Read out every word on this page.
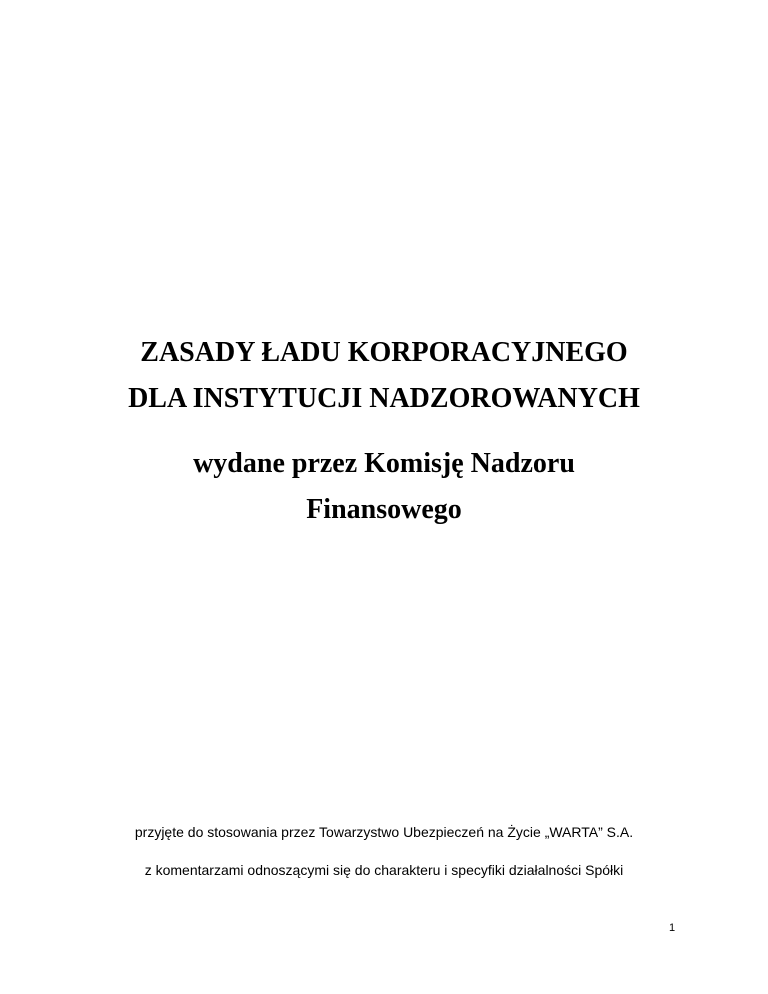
ZASADY ŁADU KORPORACYJNEGO
DLA INSTYTUCJI NADZOROWANYCH
wydane przez Komisję Nadzoru
Finansowego
przyjęte do stosowania przez Towarzystwo Ubezpieczeń na Życie „WARTA” S.A.
z komentarzami odnoszącymi się do charakteru i specyfiki działalności Spółki
1
